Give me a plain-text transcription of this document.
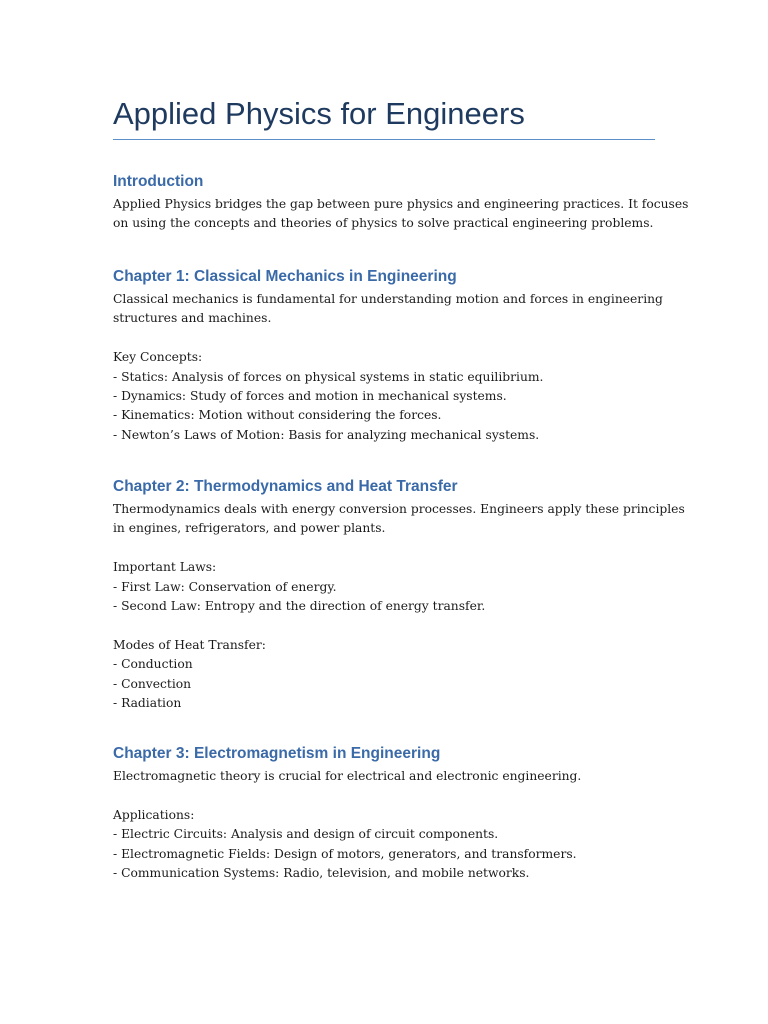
Applied Physics for Engineers
Introduction
Applied Physics bridges the gap between pure physics and engineering practices. It focuses
on using the concepts and theories of physics to solve practical engineering problems.
Chapter 1: Classical Mechanics in Engineering
Classical mechanics is fundamental for understanding motion and forces in engineering
structures and machines.
Key Concepts:
- Statics: Analysis of forces on physical systems in static equilibrium.
- Dynamics: Study of forces and motion in mechanical systems.
- Kinematics: Motion without considering the forces.
- Newton’s Laws of Motion: Basis for analyzing mechanical systems.
Chapter 2: Thermodynamics and Heat Transfer
Thermodynamics deals with energy conversion processes. Engineers apply these principles
in engines, refrigerators, and power plants.
Important Laws:
- First Law: Conservation of energy.
- Second Law: Entropy and the direction of energy transfer.
Modes of Heat Transfer:
- Conduction
- Convection
- Radiation
Chapter 3: Electromagnetism in Engineering
Electromagnetic theory is crucial for electrical and electronic engineering.
Applications:
- Electric Circuits: Analysis and design of circuit components.
- Electromagnetic Fields: Design of motors, generators, and transformers.
- Communication Systems: Radio, television, and mobile networks.
